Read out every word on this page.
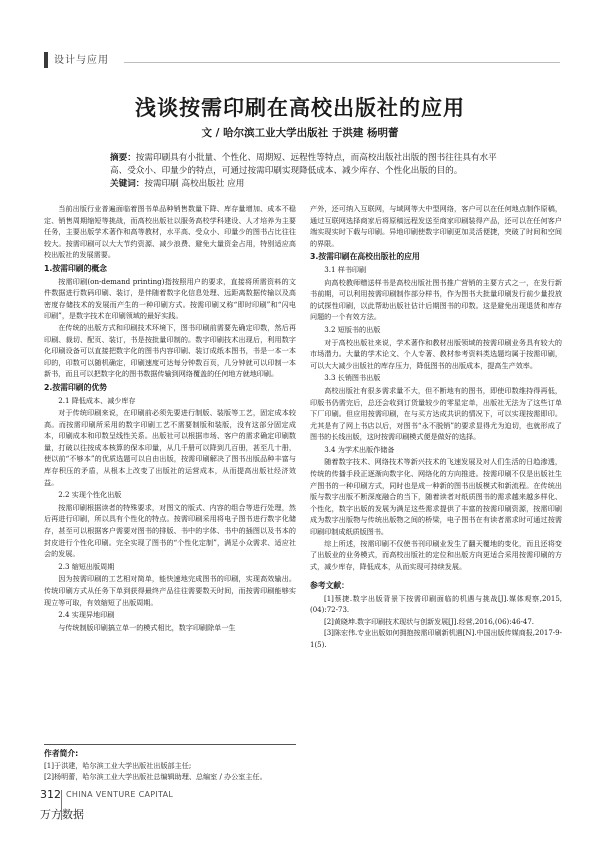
设计与应用
浅谈按需印刷在高校出版社的应用
文 / 哈尔滨工业大学出版社 于洪建 杨明蕾

摘要：按需印刷具有小批量、个性化、周期短、远程性等特点，而高校出版社出版的图书往往具有水平高、受众小、印量少的特点，可通过按需印刷实现降低成本、减少库存、个性化出版的目的。

关键词：按需印刷 高校出版社 应用

当前出版行业普遍面临着图书单品种销售数量下降、库存量增加、成本不稳定、销售周期缩短等挑战，而高校出版社以服务高校学科建设、人才培养为主要任务，主要出版学术著作和高等教材，水平高、受众小、印量少的图书占比往往较大。按需印刷可以大大节约资源、减少浪费、避免大量资金占用，特别适应高校出版社的发展需要。

1.按需印刷的概念

按需印刷(on-demand printing)指按照用户的要求，直接将所需资料的文件数据进行数码印刷、装订，是伴随着数字化信息处理、远距离数据传输以及高密度存储技术的发展而产生的一种印刷方式。按需印刷又称“即时印刷”和“闪电印刷”，是数字技术在印刷领域的最好实践。

在传统的出版方式和印刷技术环境下，图书印刷前需要先确定印数，然后再印刷、裁切、配页、装订，书是按批量印制的。数字印刷技术出现后，利用数字化印刷设备可以直接把数字化的图书内容印刷、装订成纸本图书，书是一本一本印的，印数可以随机确定，印刷速度可达每分钟数百页，几分钟就可以印制一本新书，而且可以把数字化的图书数据传输到网络覆盖的任何地方就地印刷。

2.按需印刷的优势
2.1 降低成本、减少库存

对于传统印刷来说，在印刷前必须先要进行制版、装版等工艺，固定成本较高。而按需印刷所采用的数字印刷工艺不需要制版和装版，没有这部分固定成本，印刷成本和印数呈线性关系。出版社可以根据市场、客户的需求确定印刷数量，打破以往按成本核算的保本印量，从几千册可以降到几百册，甚至几十册，使以前“不够本”的优质选题可以自由出版，按需印刷解决了图书出版品种丰富与库存积压的矛盾，从根本上改变了出版社的运营成本，从而提高出版社经济效益。

2.2 实现个性化出版

按需印刷根据读者的特殊要求，对图文的版式、内容的组合等进行处理，然后再进行印刷，所以具有个性化的特点。按需印刷采用将电子图书进行数字化储存，甚至可以根据客户需要对图书的排版、书中的字体、书中的插图以及书本的封皮进行个性化印刷。完全实现了图书的“个性化定制”，满足小众需求、适应社会的发展。

2.3 缩短出版周期

因为按需印刷的工艺相对简单，能快速地完成图书的印刷，实现高效输出。传统印刷方式从任务下单到获得最终产品往往需要数天时间，而按需印刷能够实现立等可取，有效缩短了出版周期。

2.4 实现异地印刷

与传统制版印刷搞立单一的模式相比，数字印刷除单一生

产外，还可纳入互联网，与域网等大中型网络，客户可以在任何地点制作原稿，通过互联网选择商家后将原稿远程发送至商家印刷装得产品，还可以在任何客户端实现实时下载与印刷。异地印刷使数字印刷更加灵活便捷，突破了时间和空间的界限。

3.按需印刷在高校出版社的应用
3.1 样书印刷

向高校教师赠送样书是高校出版社图书推广营销的主要方式之一，在发行新书前期，可以利用按需印刷制作部分样书，作为图书大批量印刷发行前少量投放的试探性印刷，以此帮助出版社估计后期图书的印数。这是避免出现退货和库存问题的一个有效方法。

3.2 短版书的出版

对于高校出版社来说，学术著作和教材出版领域的按需印刷业务具有较大的市场潜力。大量的学术论文、个人专著、教材参考资料类选题均属于按需印刷，可以大大减少出版社的库存压力，降低图书的出版成本，提高生产效率。

3.3 长销图书出版

高校出版社有很多需求量不大，但不断地有的图书，即使印数维持得再低，印版书仍需完后，总还会收到订货量较少的零星定单，出版社无法为了这些订单下厂印刷。但应用按需印刷，在与买方达成共识的情况下，可以实现按需即印。尤其是有了网上书店以后，对图书“永不脱销”的要求显得尤为迫切，也就形成了图书的长线出版，这时按需印刷模式便是做好的选择。

3.4 为学术出版作储备

随着数字技术、网络技术等新兴技术的飞速发展及对人们生活的日趋渗透，传统的传播手段正逐渐向数字化、网络化的方向推进。按需印刷不仅是出版社生产图书的一种印刷方式，同时也是成一种新的图书出版模式和新流程。在传统出版与数字出版不断深度融合的当下，随着读者对纸质图书的需求越来越多样化、个性化，数字出版的发展为满足这些需求提供了丰富的按需印刷资源，按需印刷成为数字出版物与传统出版物之间的桥梁，电子图书在有读者需求时可通过按需印刷印制成纸质版图书。

综上所述，按需印刷不仅使书刊印刷业发生了翻天覆地的变化，而且还将变了出版业的业务模式，而高校出版社的定位和出版方向更适合采用按需印刷的方式，减少库存，降低成本，从而实现可持续发展。

参考文献：

[1]蔡捷.数字出版背景下按需印刷面临的机遇与挑战[J].媒体观察,2015,(04):72-73.

[2]黄晓坤.数字印刷技术现状与创新发展[J].经营,2016,(06):46-47.

[3]陈宏伟.专业出版如何拥抱按需印刷新机遇[N].中国出版传媒商报,2017-9-1(5).

作者简介:

[1]于洪建，哈尔滨工业大学出版社出版部主任;

[2]杨明蕾，哈尔滨工业大学出版社总编辑助理、总编室 / 办公室主任。

312 CHINA VENTURE CAPITAL
万方数据
